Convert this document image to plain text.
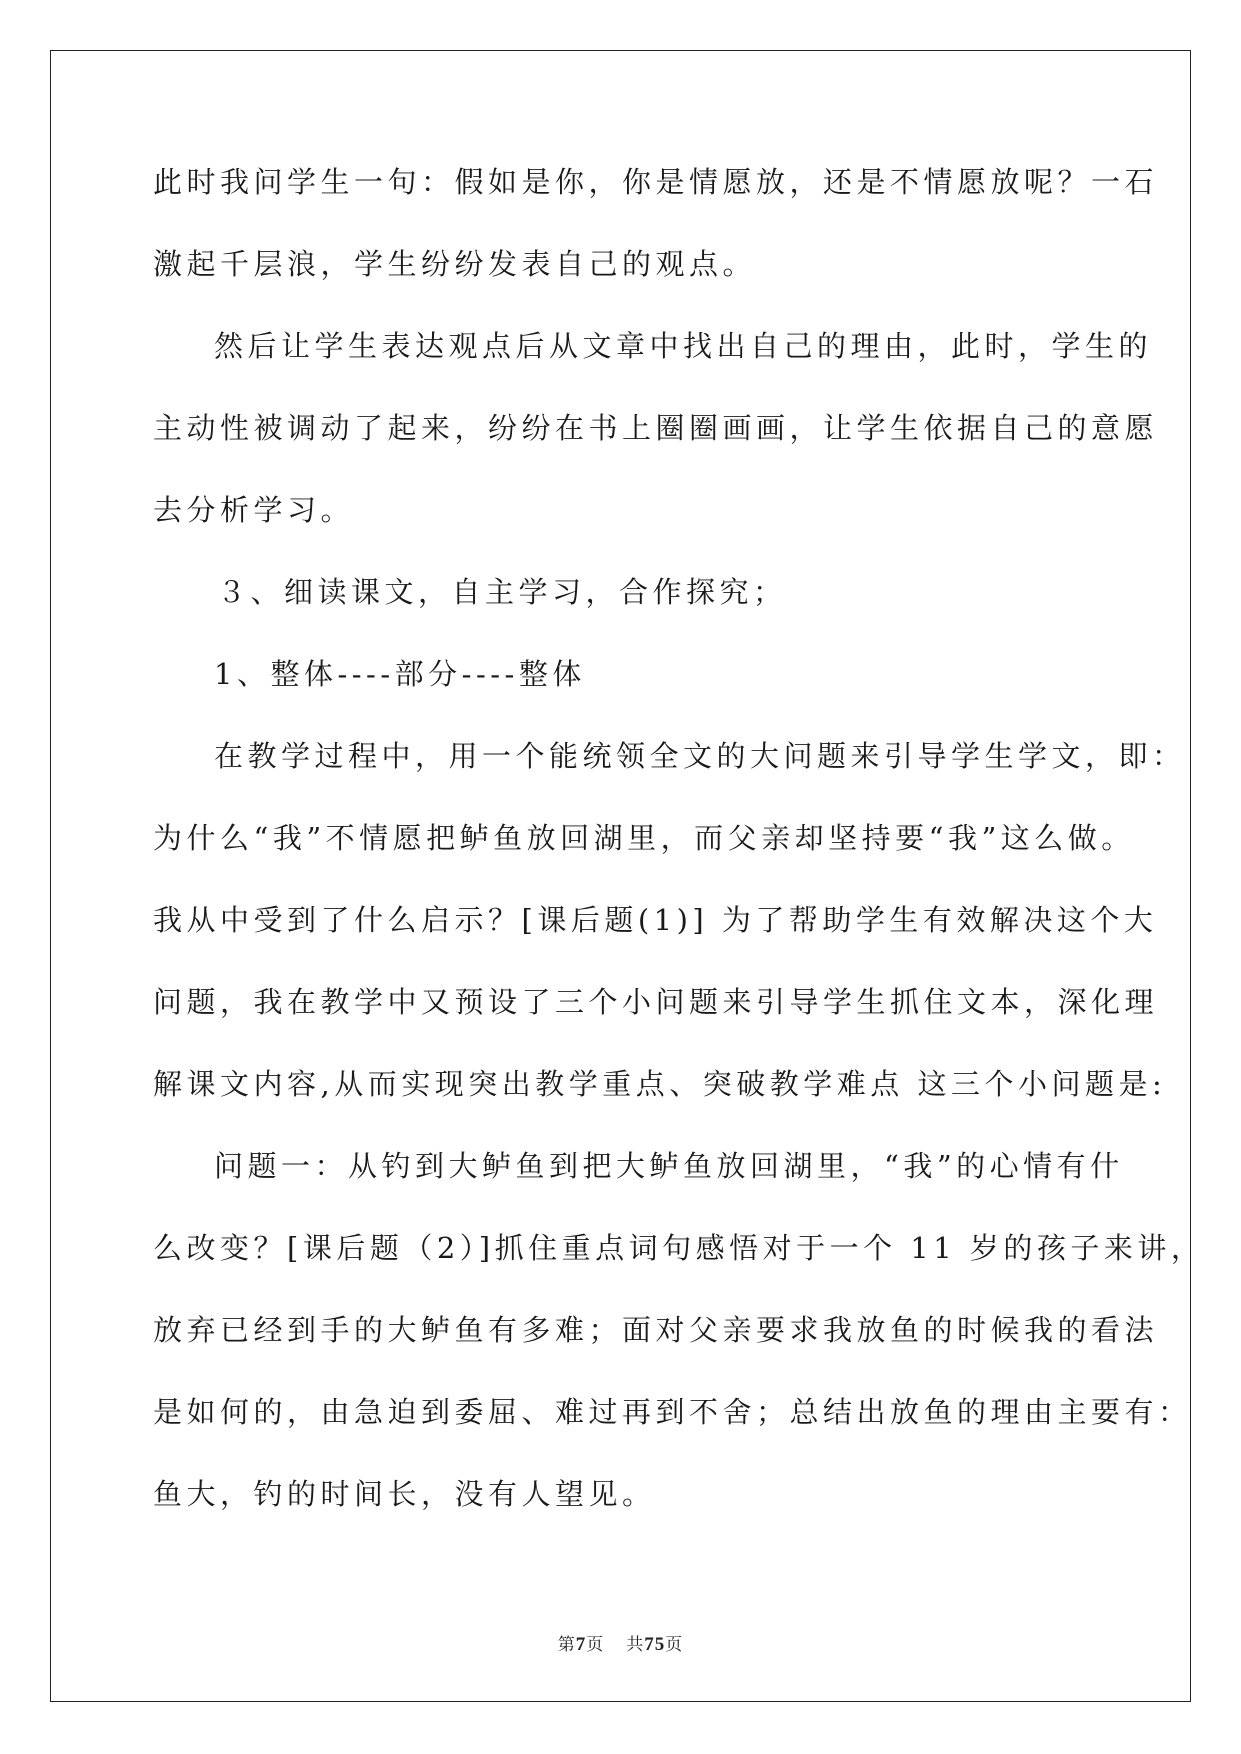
此时我问学生一句：假如是你，你是情愿放，还是不情愿放呢？一石
激起千层浪，学生纷纷发表自己的观点。
然后让学生表达观点后从文章中找出自己的理由，此时，学生的
主动性被调动了起来，纷纷在书上圈圈画画，让学生依据自己的意愿
去分析学习。
３、细读课文，自主学习，合作探究；
1、整体----部分----整体
在教学过程中，用一个能统领全文的大问题来引导学生学文，即：
为什么“我”不情愿把鲈鱼放回湖里，而父亲却坚持要“我”这么做。
我从中受到了什么启示？[课后题(1)] 为了帮助学生有效解决这个大
问题，我在教学中又预设了三个小问题来引导学生抓住文本，深化理
解课文内容,从而实现突出教学重点、突破教学难点 这三个小问题是:
问题一：从钓到大鲈鱼到把大鲈鱼放回湖里，“我”的心情有什
么改变？[课后题（2）]抓住重点词句感悟对于一个 11 岁的孩子来讲，
放弃已经到手的大鲈鱼有多难；面对父亲要求我放鱼的时候我的看法
是如何的，由急迫到委屈、难过再到不舍；总结出放鱼的理由主要有：
鱼大，钓的时间长，没有人望见。
第7页 共75页
